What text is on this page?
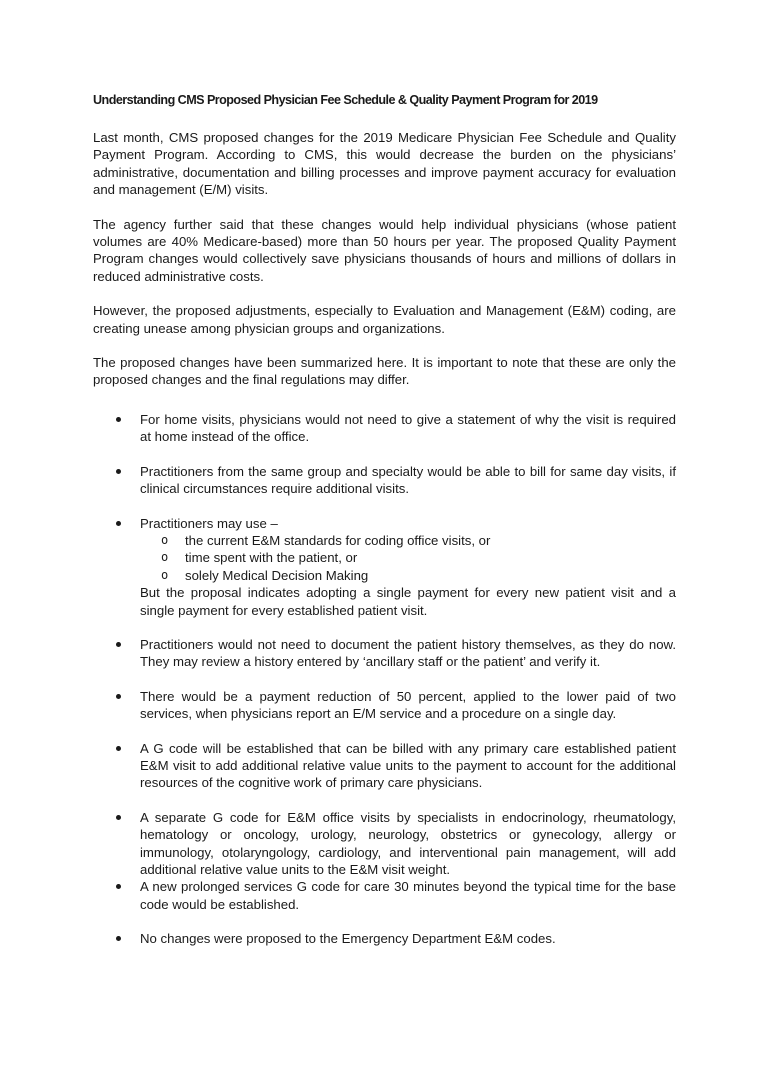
Understanding CMS Proposed Physician Fee Schedule & Quality Payment Program for 2019

Last month, CMS proposed changes for the 2019 Medicare Physician Fee Schedule and Quality Payment Program. According to CMS, this would decrease the burden on the physicians’ administrative, documentation and billing processes and improve payment accuracy for evaluation and management (E/M) visits.

The agency further said that these changes would help individual physicians (whose patient volumes are 40% Medicare-based) more than 50 hours per year. The proposed Quality Payment Program changes would collectively save physicians thousands of hours and millions of dollars in reduced administrative costs.

However, the proposed adjustments, especially to Evaluation and Management (E&M) coding, are creating unease among physician groups and organizations.

The proposed changes have been summarized here. It is important to note that these are only the proposed changes and the final regulations may differ.

For home visits, physicians would not need to give a statement of why the visit is required at home instead of the office.
Practitioners from the same group and specialty would be able to bill for same day visits, if clinical circumstances require additional visits.
Practitioners may use –
o the current E&M standards for coding office visits, or
o time spent with the patient, or
o solely Medical Decision Making
But the proposal indicates adopting a single payment for every new patient visit and a single payment for every established patient visit.
Practitioners would not need to document the patient history themselves, as they do now. They may review a history entered by ‘ancillary staff or the patient’ and verify it.
There would be a payment reduction of 50 percent, applied to the lower paid of two services, when physicians report an E/M service and a procedure on a single day.
A G code will be established that can be billed with any primary care established patient E&M visit to add additional relative value units to the payment to account for the additional resources of the cognitive work of primary care physicians.
A separate G code for E&M office visits by specialists in endocrinology, rheumatology, hematology or oncology, urology, neurology, obstetrics or gynecology, allergy or immunology, otolaryngology, cardiology, and interventional pain management, will add additional relative value units to the E&M visit weight.
A new prolonged services G code for care 30 minutes beyond the typical time for the base code would be established.
No changes were proposed to the Emergency Department E&M codes.
